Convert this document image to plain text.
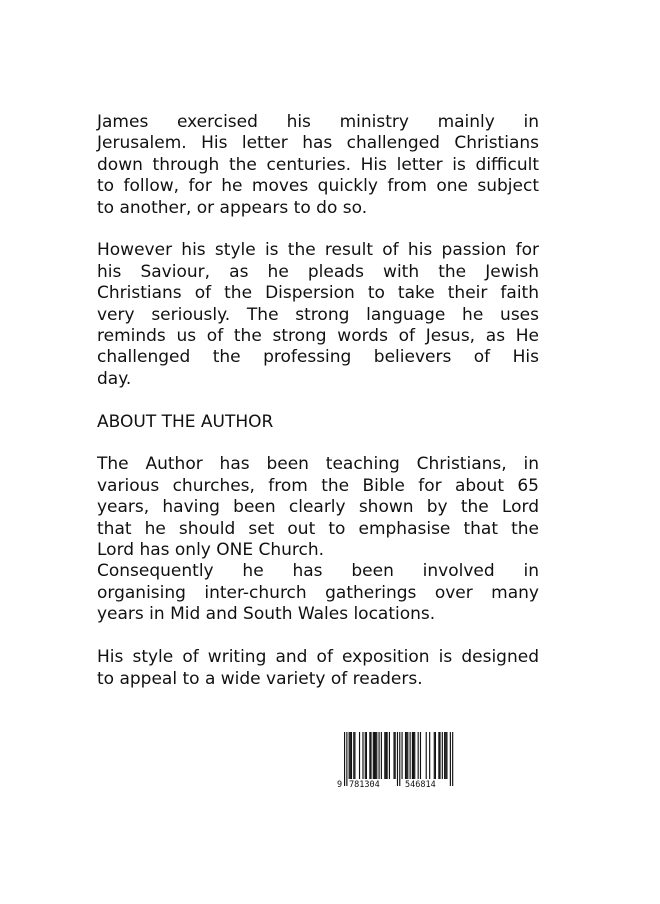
James exercised his ministry mainly in
Jerusalem. His letter has challenged Christians
down through the centuries. His letter is difficult
to follow, for he moves quickly from one subject
to another, or appears to do so.

However his style is the result of his passion for
his Saviour, as he pleads with the Jewish
Christians of the Dispersion to take their faith
very seriously. The strong language he uses
reminds us of the strong words of Jesus, as He
challenged the professing believers of His
day.

ABOUT THE AUTHOR

The Author has been teaching Christians, in
various churches, from the Bible for about 65
years, having been clearly shown by the Lord
that he should set out to emphasise that the
Lord has only ONE Church.
Consequently he has been involved in
organising inter-church gatherings over many
years in Mid and South Wales locations.

His style of writing and of exposition is designed
to appeal to a wide variety of readers.

9 781304	546814
